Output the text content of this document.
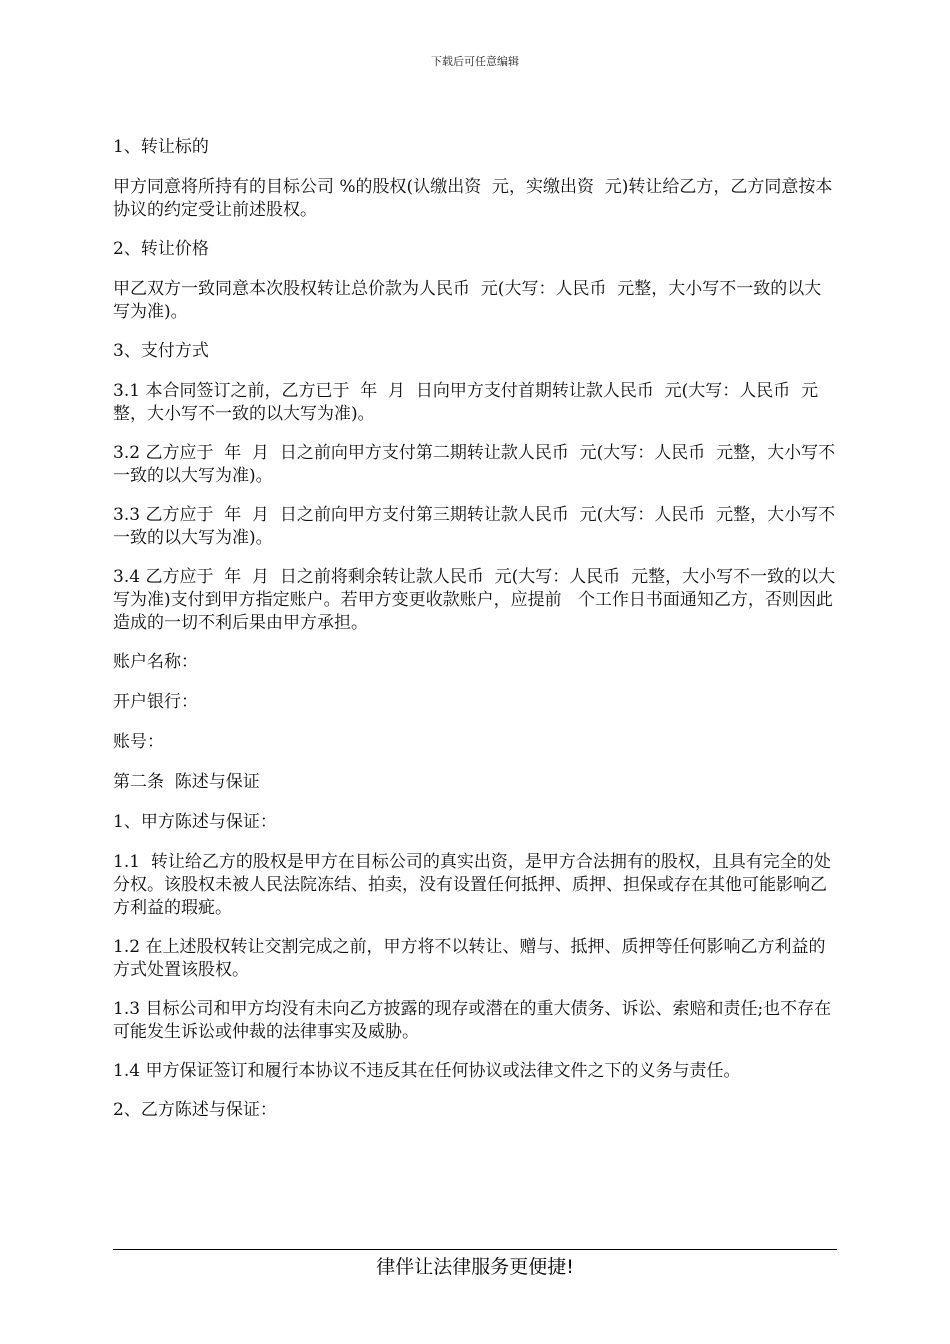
下载后可任意编辑

1、转让标的

甲方同意将所持有的目标公司 %的股权(认缴出资  元，实缴出资  元)转让给乙方，乙方同意按本协议的约定受让前述股权。

2、转让价格

甲乙双方一致同意本次股权转让总价款为人民币  元(大写：人民币  元整，大小写不一致的以大写为准)。

3、支付方式

3.1 本合同签订之前，乙方已于  年  月  日向甲方支付首期转让款人民币  元(大写：人民币  元整，大小写不一致的以大写为准)。

3.2 乙方应于  年  月  日之前向甲方支付第二期转让款人民币  元(大写：人民币  元整，大小写不一致的以大写为准)。

3.3 乙方应于  年  月  日之前向甲方支付第三期转让款人民币  元(大写：人民币  元整，大小写不一致的以大写为准)。

3.4 乙方应于  年  月  日之前将剩余转让款人民币  元(大写：人民币  元整，大小写不一致的以大写为准)支付到甲方指定账户。若甲方变更收款账户，应提前   个工作日书面通知乙方，否则因此造成的一切不利后果由甲方承担。

账户名称：

开户银行：

账号：

第二条  陈述与保证

1、甲方陈述与保证：

1.1  转让给乙方的股权是甲方在目标公司的真实出资，是甲方合法拥有的股权，且具有完全的处分权。该股权未被人民法院冻结、拍卖，没有设置任何抵押、质押、担保或存在其他可能影响乙方利益的瑕疵。

1.2 在上述股权转让交割完成之前，甲方将不以转让、赠与、抵押、质押等任何影响乙方利益的方式处置该股权。

1.3 目标公司和甲方均没有未向乙方披露的现存或潜在的重大债务、诉讼、索赔和责任;也不存在可能发生诉讼或仲裁的法律事实及威胁。

1.4 甲方保证签订和履行本协议不违反其在任何协议或法律文件之下的义务与责任。

2、乙方陈述与保证：

律伴让法律服务更便捷!
